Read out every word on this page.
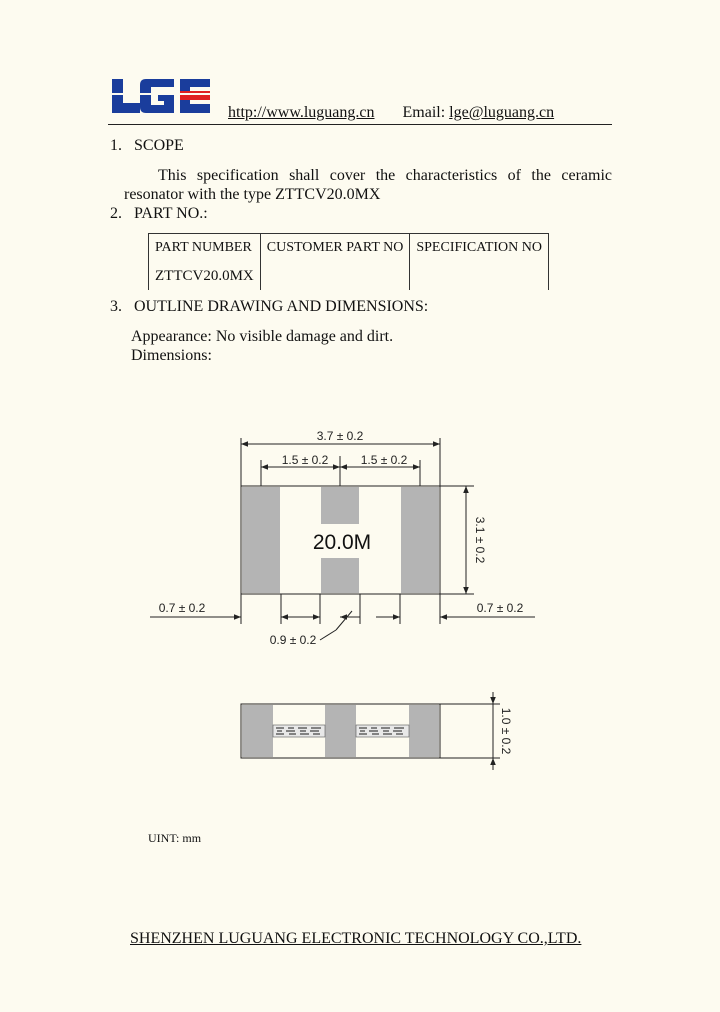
http://www.luguang.cn Email: lge@luguang.cn
1. SCOPE
This specification shall cover the characteristics of the ceramic
resonator with the type ZTTCV20.0MX
2. PART NO.:
PART NUMBER	CUSTOMER PART NO	SPECIFICATION NO
ZTTCV20.0MX		
3. OUTLINE DRAWING AND DIMENSIONS:
Appearance: No visible damage and dirt.
Dimensions:
20.0M
3.7 ± 0.2
1.5 ± 0.2	1.5 ± 0.2
3.1 ± 0.2
0.7 ± 0.2	0.7 ± 0.2
0.9 ± 0.2
1.0 ± 0.2
UINT: mm
SHENZHEN LUGUANG ELECTRONIC TECHNOLOGY CO.,LTD.
